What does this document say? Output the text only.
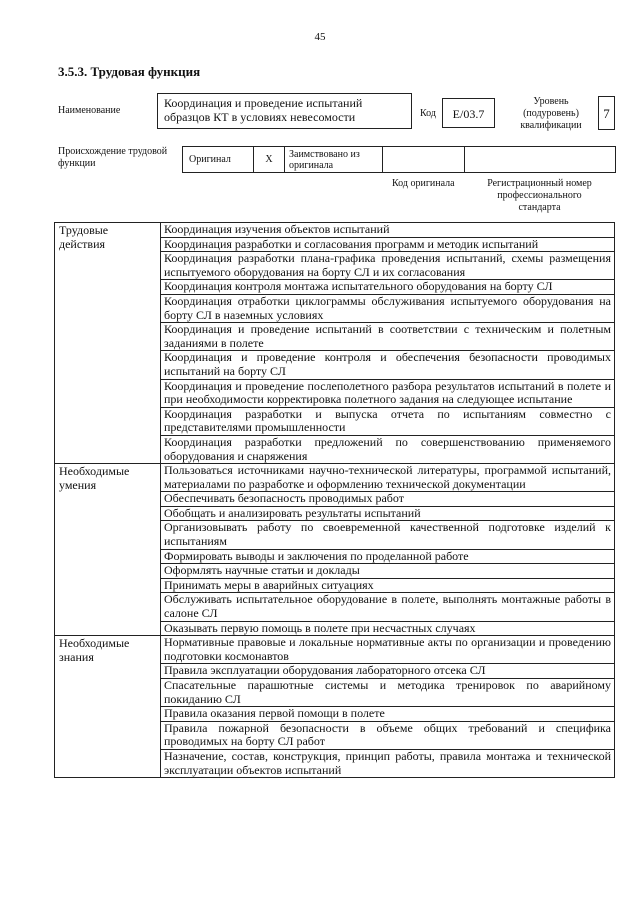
45
3.5.3. Трудовая функция
Наименование
Координация и проведение испытаний образцов КТ в условиях невесомости	Код	E/03.7
Уровень (подуровень) квалификации
7
Происхождение трудовой функции	Оригинал	X	Заимствовано из оригинала
Код оригинала	Регистрационный номер профессионального стандарта
Трудовые действия	Координация изучения объектов испытаний
	Координация разработки и согласования программ и методик испытаний
	Координация разработки плана-графика проведения испытаний, схемы размещения испытуемого оборудования на борту СЛ и их согласования
	Координация контроля монтажа испытательного оборудования на борту СЛ
	Координация отработки циклограммы обслуживания испытуемого оборудования на борту СЛ в наземных условиях
	Координация и проведение испытаний в соответствии с техническим и полетным заданиями в полете
	Координация и проведение контроля и обеспечения безопасности проводимых испытаний на борту СЛ
	Координация и проведение послеполетного разбора результатов испытаний в полете и при необходимости корректировка полетного задания на следующее испытание
	Координация разработки и выпуска отчета по испытаниям совместно с представителями промышленности
	Координация разработки предложений по совершенствованию применяемого оборудования и снаряжения
Необходимые умения	Пользоваться источниками научно-технической литературы, программой испытаний, материалами по разработке и оформлению технической документации
	Обеспечивать безопасность проводимых работ
	Обобщать и анализировать результаты испытаний
	Организовывать работу по своевременной качественной подготовке изделий к испытаниям
	Формировать выводы и заключения по проделанной работе
	Оформлять научные статьи и доклады
	Принимать меры в аварийных ситуациях
	Обслуживать испытательное оборудование в полете, выполнять монтажные работы в салоне СЛ
	Оказывать первую помощь в полете при несчастных случаях
Необходимые знания	Нормативные правовые и локальные нормативные акты по организации и проведению подготовки космонавтов
	Правила эксплуатации оборудования лабораторного отсека СЛ
	Спасательные парашютные системы и методика тренировок по аварийному покиданию СЛ
	Правила оказания первой помощи в полете
	Правила пожарной безопасности в объеме общих требований и специфика проводимых на борту СЛ работ
	Назначение, состав, конструкция, принцип работы, правила монтажа и технической эксплуатации объектов испытаний
